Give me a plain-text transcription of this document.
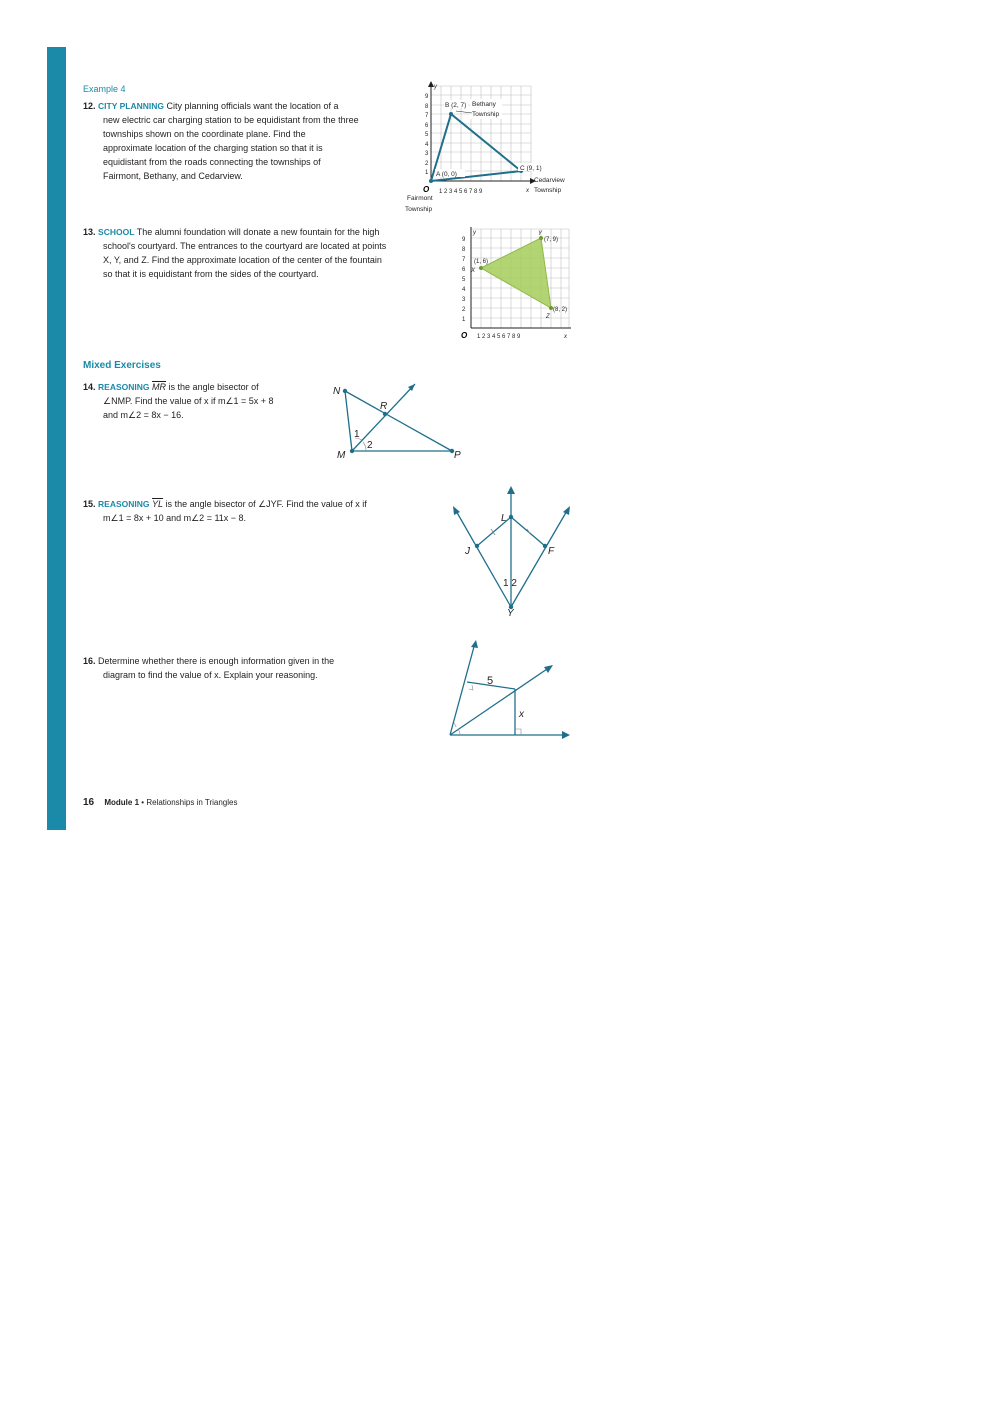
Example 4
12. CITY PLANNING City planning officials want the location of a
new electric car charging station to be equidistant from the three
townships shown on the coordinate plane. Find the
approximate location of the charging station so that it is
equidistant from the roads connecting the townships of
Fairmont, Bethany, and Cedarview.	1
2
3
4
5
6
7
8
9
1 2 3 4 5 6 7 8 9
y
x
O
B (2, 7)
A (0, 0)
C (9, 1)
Bethany
Township
Cedarview
Township
Fairmont
Township
13. SCHOOL The alumni foundation will donate a new fountain for the high
school's courtyard. The entrances to the courtyard are located at points
X, Y, and Z. Find the approximate location of the center of the fountain
so that it is equidistant from the sides of the courtyard.
1
2
3
4
5
6
7
8
9
1 2 3 4 5 6 7 8 9
y
x
(1, 6)
X
(7, 9)
Y
(8, 2)
Z
O
Mixed Exercises
14. REASONING $\overline{MR}$ is the angle bisector of
∠NMP. Find the value of x if m∠1 = 5x + 8
and m∠2 = 8x − 16.
N
R
M	P
1
2
15. REASONING $\overline{YL}$ is the angle bisector of ∠JYF. Find the value of x if
m∠1 = 8x + 10 and m∠2 = 11x − 8.	L
J	F
Y
1 2
16. Determine whether there is enough information given in the
diagram to find the value of x. Explain your reasoning.	5
x
16 Module 1 • Relationships in Triangles
